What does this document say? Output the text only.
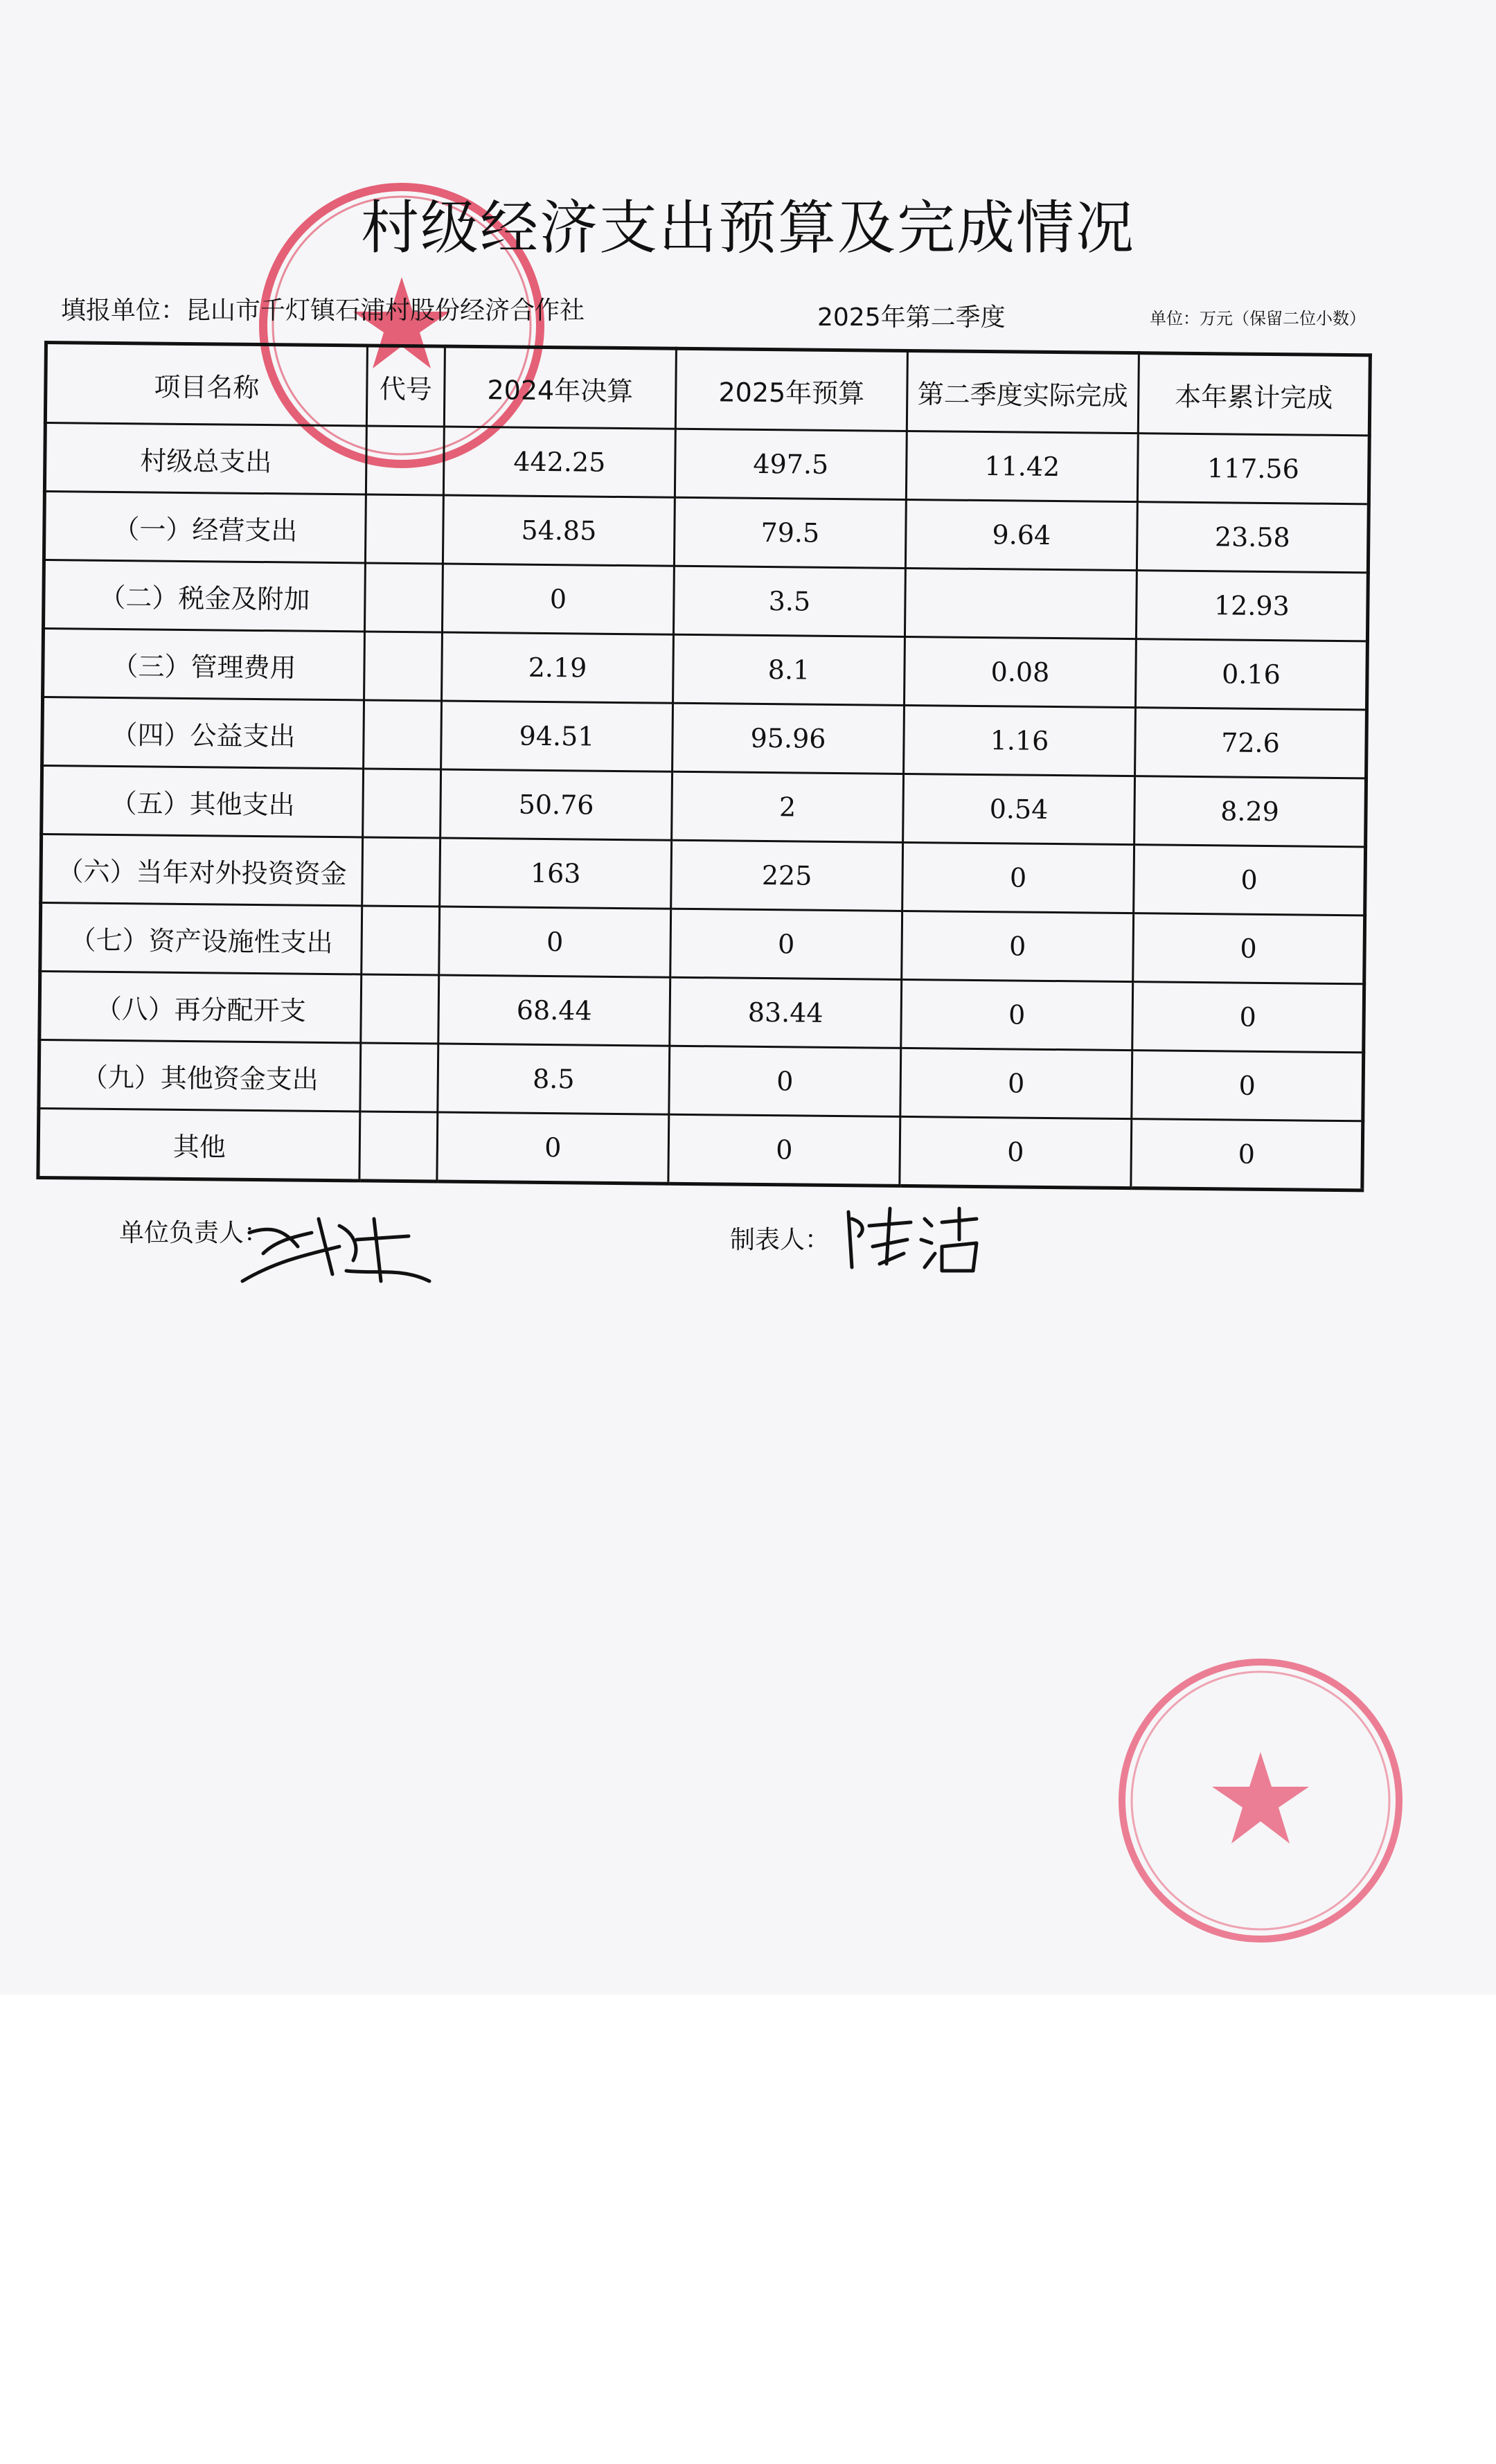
村级经济支出预算及完成情况
填报单位：昆山市千灯镇石浦村股份经济合作社	2025年第二季度	单位：万元（保留二位小数）
项目名称	代号	2024年决算	2025年预算	第二季度实际完成	本年累计完成
村级总支出		442.25	497.5	11.42	117.56
（一）经营支出		54.85	79.5	9.64	23.58
（二）税金及附加		0	3.5		12.93
（三）管理费用		2.19	8.1	0.08	0.16
（四）公益支出		94.51	95.96	1.16	72.6
（五）其他支出		50.76	2	0.54	8.29
（六）当年对外投资资金		163	225	0	0
（七）资产设施性支出		0	0	0	0
（八）再分配开支		68.44	83.44	0	0
（九）其他资金支出		8.5	0	0	0
其他		0	0	0	0
单位负责人：	制表人：
